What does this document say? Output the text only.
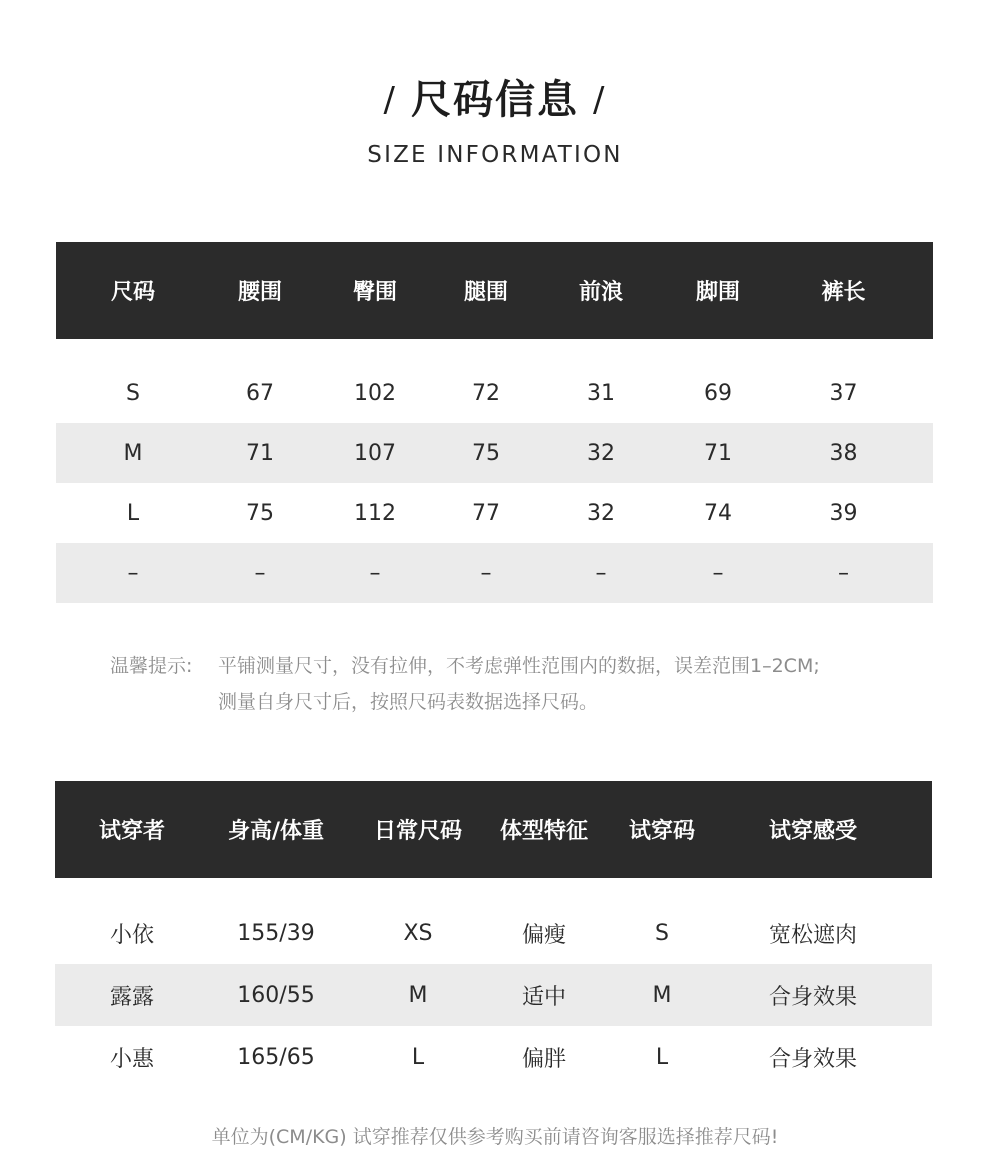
/ 尺码信息 /
SIZE INFORMATION
尺码	腰围	臀围	腿围	前浪	脚围	裤长
S	67	102	72	31	69	37
M	71	107	75	32	71	38
L	75	112	77	32	74	39
–	–	–	–	–	–	–
温馨提示: 平铺测量尺寸，没有拉伸，不考虑弹性范围内的数据，误差范围1–2CM;
测量自身尺寸后，按照尺码表数据选择尺码。
试穿者	身高/体重	日常尺码	体型特征	试穿码	试穿感受
小依	155/39	XS	偏瘦	S	宽松遮肉
露露	160/55	M	适中	M	合身效果
小惠	165/65	L	偏胖	L	合身效果
单位为(CM/KG) 试穿推荐仅供参考购买前请咨询客服选择推荐尺码!
